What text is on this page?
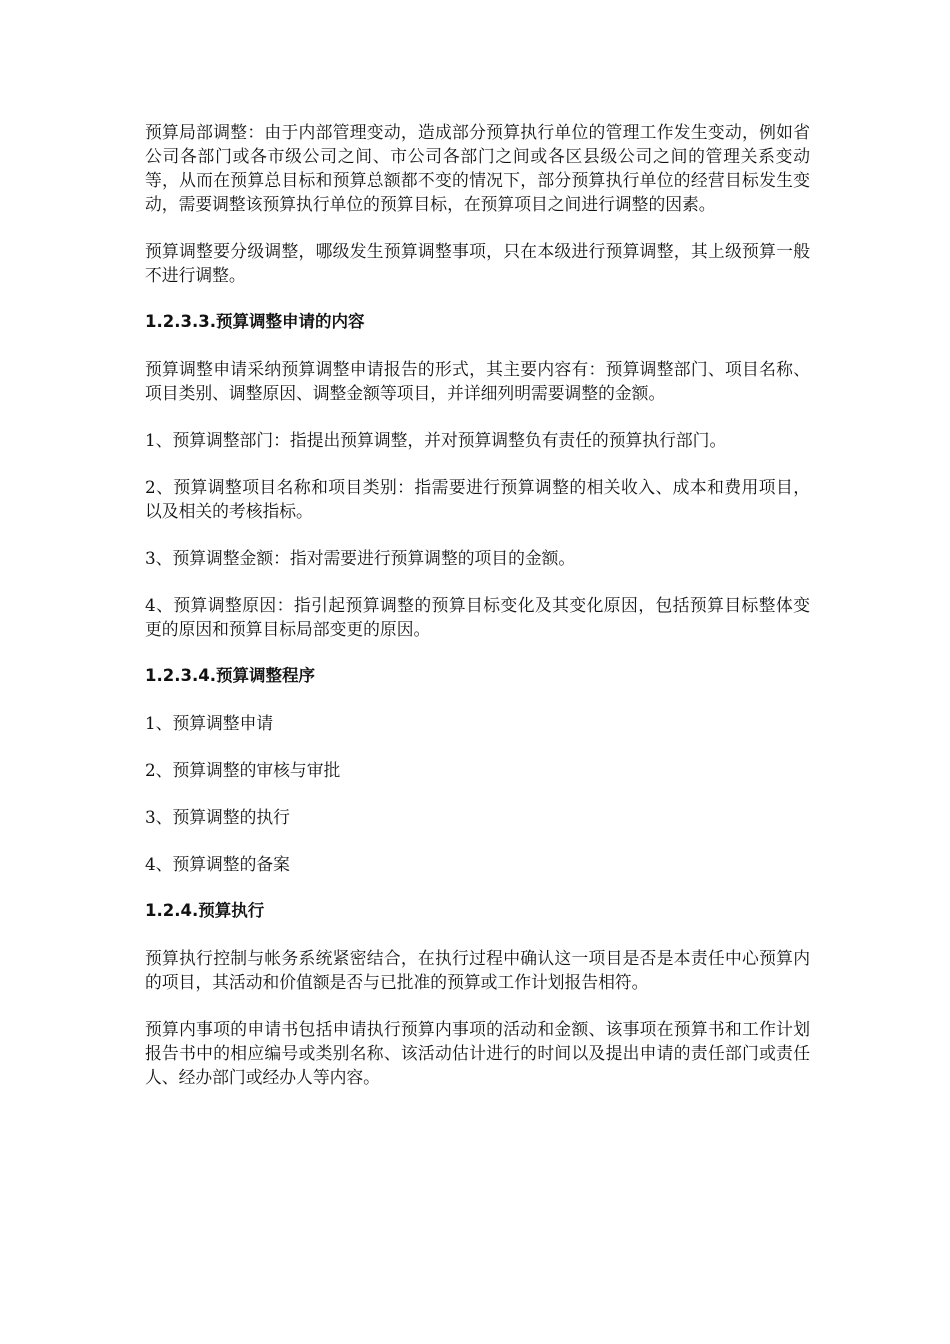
预算局部调整：由于内部管理变动，造成部分预算执行单位的管理工作发生变动，例如省公司各部门或各市级公司之间、市公司各部门之间或各区县级公司之间的管理关系变动等，从而在预算总目标和预算总额都不变的情况下，部分预算执行单位的经营目标发生变动，需要调整该预算执行单位的预算目标，在预算项目之间进行调整的因素。

预算调整要分级调整，哪级发生预算调整事项，只在本级进行预算调整，其上级预算一般不进行调整。

1.2.3.3.预算调整申请的内容

预算调整申请采纳预算调整申请报告的形式，其主要内容有：预算调整部门、项目名称、项目类别、调整原因、调整金额等项目，并详细列明需要调整的金额。

1、预算调整部门：指提出预算调整，并对预算调整负有责任的预算执行部门。

2、预算调整项目名称和项目类别：指需要进行预算调整的相关收入、成本和费用项目，以及相关的考核指标。

3、预算调整金额：指对需要进行预算调整的项目的金额。

4、预算调整原因：指引起预算调整的预算目标变化及其变化原因，包括预算目标整体变更的原因和预算目标局部变更的原因。

1.2.3.4.预算调整程序

1、预算调整申请

2、预算调整的审核与审批

3、预算调整的执行

4、预算调整的备案

1.2.4.预算执行

预算执行控制与帐务系统紧密结合，在执行过程中确认这一项目是否是本责任中心预算内的项目，其活动和价值额是否与已批准的预算或工作计划报告相符。

预算内事项的申请书包括申请执行预算内事项的活动和金额、该事项在预算书和工作计划报告书中的相应编号或类别名称、该活动估计进行的时间以及提出申请的责任部门或责任人、经办部门或经办人等内容。
